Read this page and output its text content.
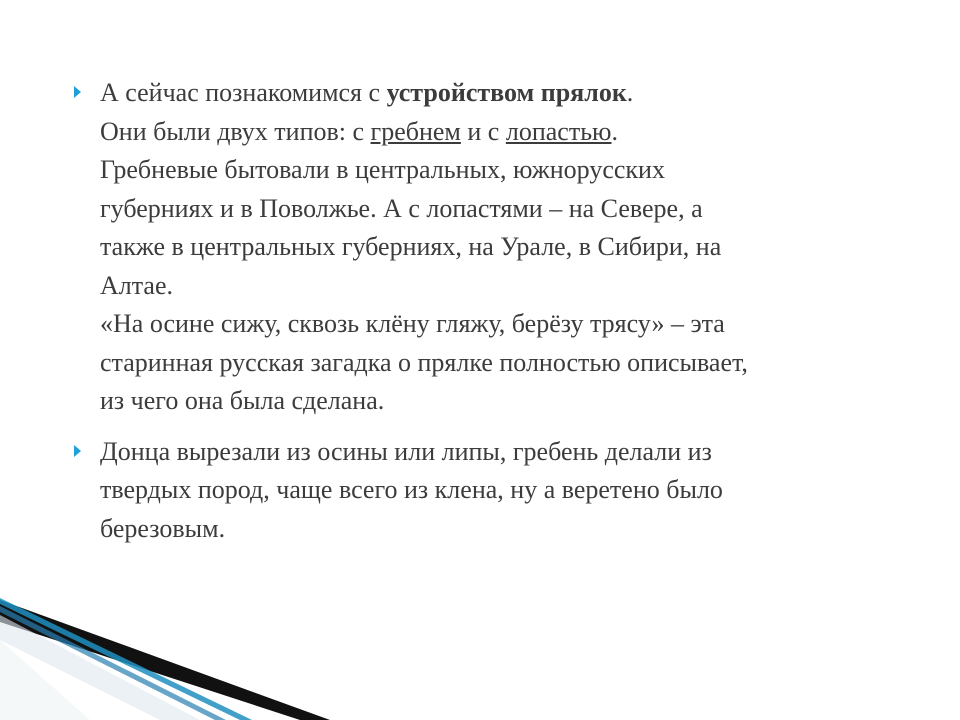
А сейчас познакомимся с устройством прялок.
Они были двух типов: с гребнем и с лопастью.
Гребневые бытовали в центральных, южнорусских
губерниях и в Поволжье. А с лопастями – на Севере, а
также в центральных губерниях, на Урале, в Сибири, на
Алтае.
«На осине сижу, сквозь клёну гляжу, берёзу трясу» – эта
старинная русская загадка о прялке полностью описывает,
из чего она была сделана.
Донца вырезали из осины или липы, гребень делали из
твердых пород, чаще всего из клена, ну а веретено было
березовым.
